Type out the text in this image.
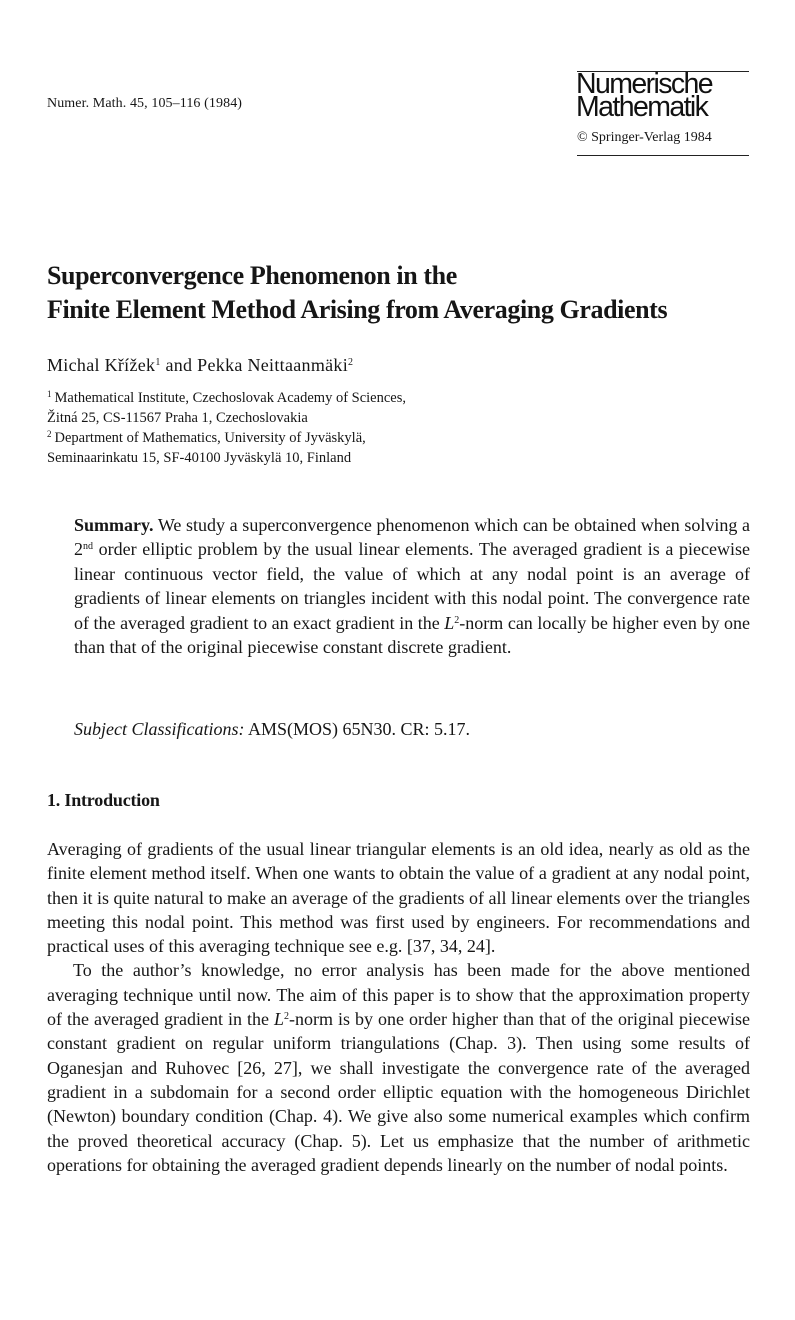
Numer. Math. 45, 105–116 (1984)
Numerische
Mathematik
© Springer-Verlag 1984
Superconvergence Phenomenon in the
Finite Element Method Arising from Averaging Gradients
Michal Křížek$^1$ and Pekka Neittaanmäki$^2$
$^1$ Mathematical Institute, Czechoslovak Academy of Sciences,
Žitná 25, CS-11567 Praha 1, Czechoslovakia
$^2$ Department of Mathematics, University of Jyväskylä,
Seminaarinkatu 15, SF-40100 Jyväskylä 10, Finland

Summary. We study a superconvergence phenomenon which can be obtained when solving a 2nd order elliptic problem by the usual linear elements. The averaged gradient is a piecewise linear continuous vector field, the value of which at any nodal point is an average of gradients of linear elements on triangles incident with this nodal point. The convergence rate of the averaged gradient to an exact gradient in the $L^2$-norm can locally be higher even by one than that of the original piecewise constant discrete gradient.

Subject Classifications: AMS(MOS) 65N30. CR: 5.17.
1. Introduction

Averaging of gradients of the usual linear triangular elements is an old idea, nearly as old as the finite element method itself. When one wants to obtain the value of a gradient at any nodal point, then it is quite natural to make an average of the gradients of all linear elements over the triangles meeting this nodal point. This method was first used by engineers. For recommendations and practical uses of this averaging technique see e.g. [37, 34, 24].

To the author’s knowledge, no error analysis has been made for the above mentioned averaging technique until now. The aim of this paper is to show that the approximation property of the averaged gradient in the $L^2$-norm is by one order higher than that of the original piecewise constant gradient on regular uniform triangulations (Chap. 3). Then using some results of Oganesjan and Ruhovec [26, 27], we shall investigate the convergence rate of the averaged gradient in a subdomain for a second order elliptic equation with the homogeneous Dirichlet (Newton) boundary condition (Chap. 4). We give also some numerical examples which confirm the proved theoretical accuracy (Chap. 5). Let us emphasize that the number of arithmetic operations for obtaining the averaged gradient depends linearly on the number of nodal points.
